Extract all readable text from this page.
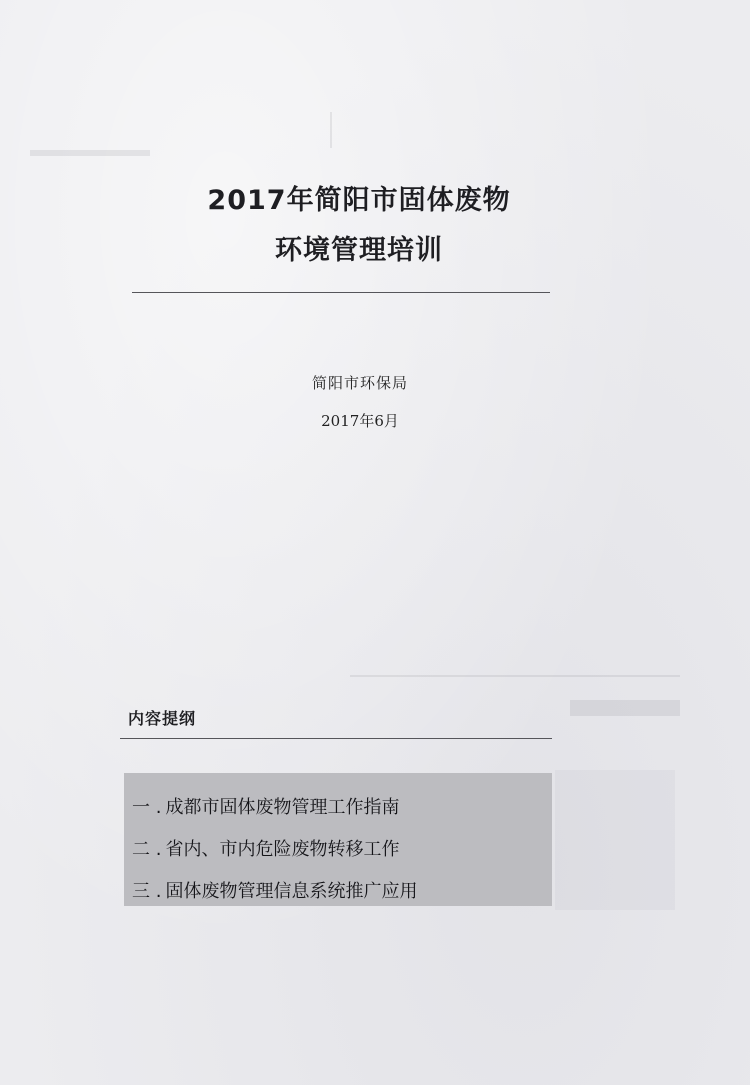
2017年简阳市固体废物
环境管理培训
简阳市环保局
2017年6月
内容提纲
一 . 成都市固体废物管理工作指南
二 . 省内、市内危险废物转移工作
三 . 固体废物管理信息系统推广应用
